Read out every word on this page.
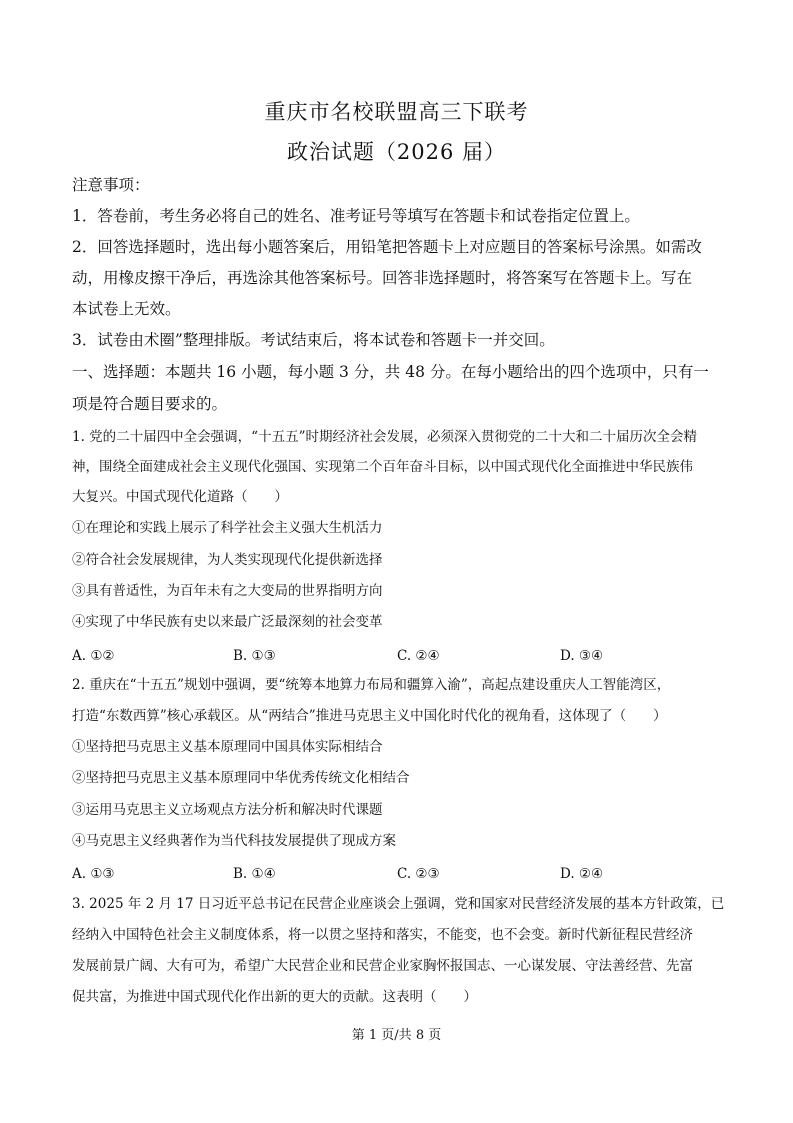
重庆市名校联盟高三下联考
政治试题（2026 届）
注意事项：
1．答卷前，考生务必将自己的姓名、准考证号等填写在答题卡和试卷指定位置上。
2．回答选择题时，选出每小题答案后，用铅笔把答题卡上对应题目的答案标号涂黑。如需改
动，用橡皮擦干净后，再选涂其他答案标号。回答非选择题时，将答案写在答题卡上。写在
本试卷上无效。
3．试卷由术圈”整理排版。考试结束后，将本试卷和答题卡一并交回。
一、选择题：本题共 16 小题，每小题 3 分，共 48 分。在每小题给出的四个选项中，只有一
项是符合题目要求的。
1. 党的二十届四中全会强调，“十五五”时期经济社会发展，必须深入贯彻党的二十大和二十届历次全会精
神，围绕全面建成社会主义现代化强国、实现第二个百年奋斗目标，以中国式现代化全面推进中华民族伟
大复兴。中国式现代化道路（　　）
①在理论和实践上展示了科学社会主义强大生机活力
②符合社会发展规律，为人类实现现代化提供新选择
③具有普适性，为百年未有之大变局的世界指明方向
④实现了中华民族有史以来最广泛最深刻的社会变革
A. ①②	B. ①③	C. ②④	D. ③④
2. 重庆在“十五五”规划中强调，要“统筹本地算力布局和疆算入渝”，高起点建设重庆人工智能湾区，
打造“东数西算”核心承载区。从“两结合”推进马克思主义中国化时代化的视角看，这体现了（　　）
①坚持把马克思主义基本原理同中国具体实际相结合
②坚持把马克思主义基本原理同中华优秀传统文化相结合
③运用马克思主义立场观点方法分析和解决时代课题
④马克思主义经典著作为当代科技发展提供了现成方案
A. ①③	B. ①④	C. ②③	D. ②④
3. 2025 年 2 月 17 日习近平总书记在民营企业座谈会上强调，党和国家对民营经济发展的基本方针政策，已
经纳入中国特色社会主义制度体系，将一以贯之坚持和落实，不能变，也不会变。新时代新征程民营经济
发展前景广阔、大有可为，希望广大民营企业和民营企业家胸怀报国志、一心谋发展、守法善经营、先富
促共富，为推进中国式现代化作出新的更大的贡献。这表明（　　）
第 1 页/共 8 页
